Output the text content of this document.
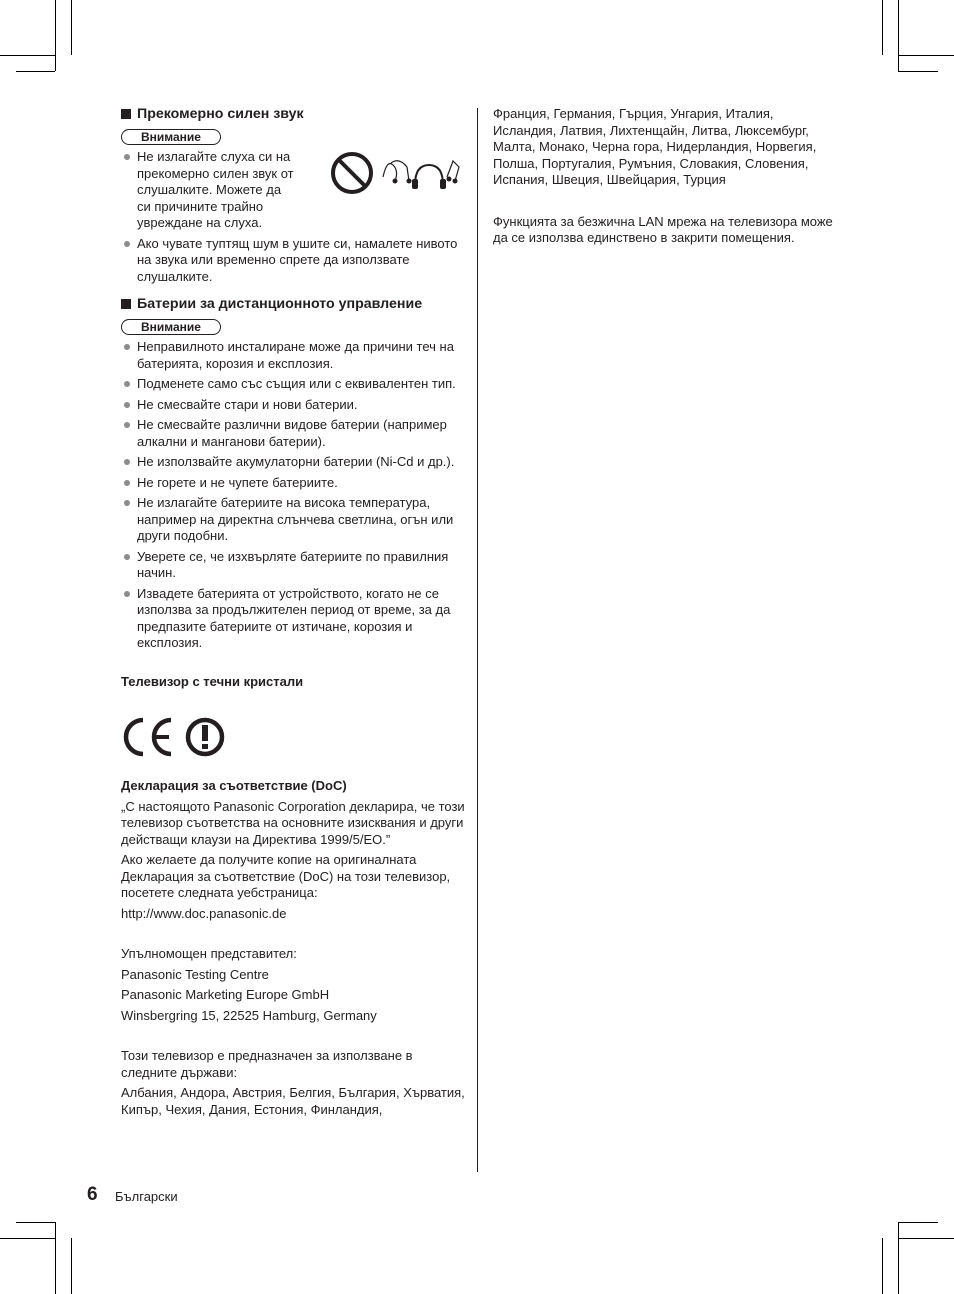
Прекомерно силен звук
Внимание
Не излагайте слуха си на прекомерно силен звук от слушалките. Можете да си причините трайно увреждане на слуха.
Ако чувате туптящ шум в ушите си, намалете нивото на звука или временно спрете да използвате слушалките.
Батерии за дистанционното управление
Внимание
Неправилното инсталиране може да причини теч на батерията, корозия и експлозия.
Подменете само със същия или с еквивалентен тип.
Не смесвайте стари и нови батерии.
Не смесвайте различни видове батерии (например алкални и манганови батерии).
Не използвайте акумулаторни батерии (Ni-Cd и др.).
Не горете и не чупете батериите.
Не излагайте батериите на висока температура, например на директна слънчева светлина, огън или други подобни.
Уверете се, че изхвърляте батериите по правилния начин.
Извадете батерията от устройството, когато не се използва за продължителен период от време, за да предпазите батериите от изтичане, корозия и експлозия.

Телевизор с течни кристали

Декларация за съответствие (DoC)

„С настоящото Panasonic Corporation декларира, че този телевизор съответства на основните изисквания и други действащи клаузи на Директива 1999/5/ЕО.”

Ако желаете да получите копие на оригиналната Декларация за съответствие (DoC) на този телевизор, посетете следната уебстраница:

http://www.doc.panasonic.de

Упълномощен представител:

Panasonic Testing Centre

Panasonic Marketing Europe GmbH

Winsbergring 15, 22525 Hamburg, Germany

Този телевизор е предназначен за използване в следните държави:

Албания, Андора, Австрия, Белгия, България, Хърватия, Кипър, Чехия, Дания, Естония, Финландия,

Франция, Германия, Гърция, Унгария, Италия, Исландия, Латвия, Лихтенщайн, Литва, Люксембург, Малта, Монако, Черна гора, Нидерландия, Норвегия, Полша, Португалия, Румъния, Словакия, Словения, Испания, Швеция, Швейцария, Турция

Функцията за безжична LAN мрежа на телевизора може да се използва единствено в закрити помещения.

6 Български
